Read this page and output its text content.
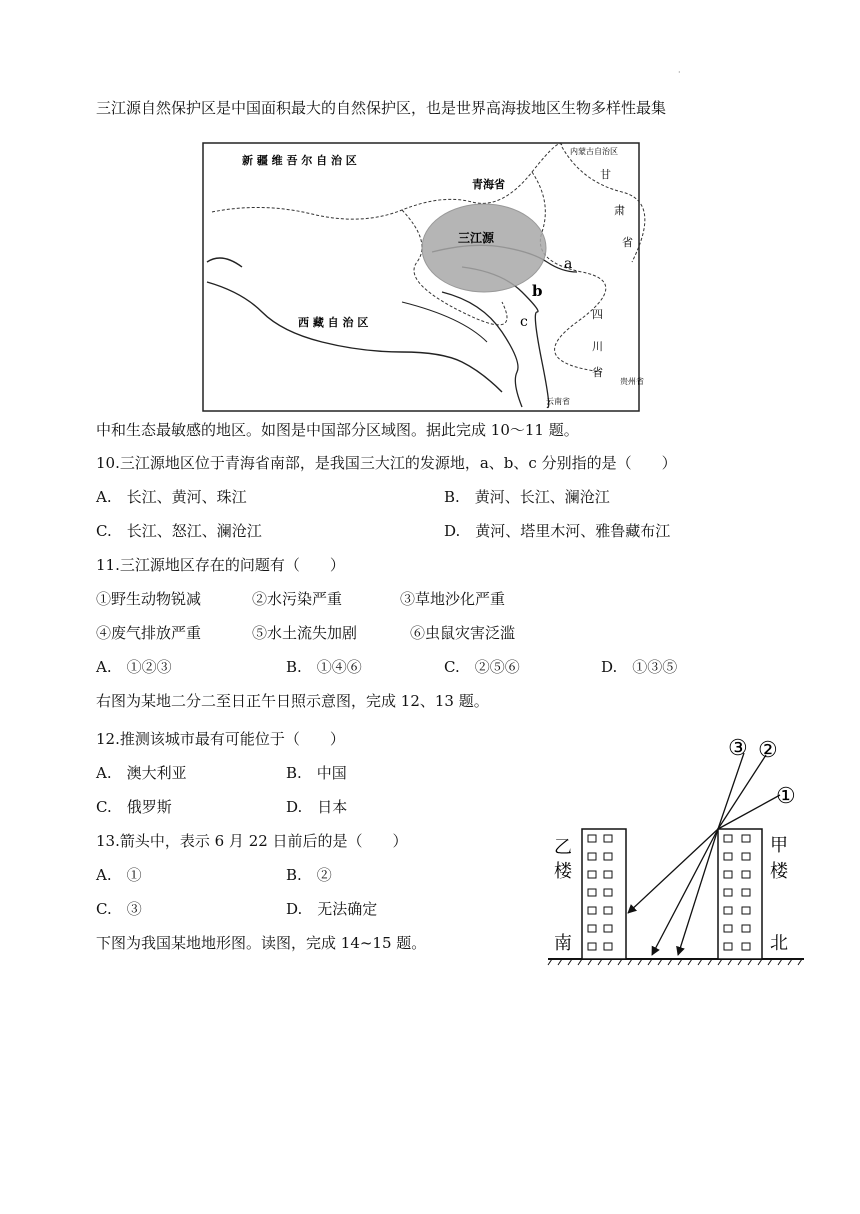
·
三江源自然保护区是中国面积最大的自然保护区，也是世界高海拔地区生物多样性最集
新 疆 维 吾 尔 自 治 区
内蒙古自治区
青海省
甘
肃
省
三江源
西 藏 自 治 区
四
川
省
贵州省
云南省
a
b
c
中和生态最敏感的地区。如图是中国部分区域图。据此完成 10～11 题。
10.三江源地区位于青海省南部，是我国三大江的发源地，a、b、c 分别指的是（　　）
A.　长江、黄河、珠江	B.　黄河、长江、澜沧江
C.　长江、怒江、澜沧江	D.　黄河、塔里木河、雅鲁藏布江
11.三江源地区存在的问题有（　　）
①野生动物锐减	②水污染严重	③草地沙化严重
④废气排放严重	⑤水土流失加剧	⑥虫鼠灾害泛滥
A.　①②③	B.　①④⑥	C.　②⑤⑥	D.　①③⑤
右图为某地二分二至日正午日照示意图，完成 12、13 题。
12.推测该城市最有可能位于（　　）
A.　澳大利亚	B.　中国
C.　俄罗斯	D.　日本
13.箭头中，表示 6 月 22 日前后的是（　　）
A.　①	B.　②
C.　③	D.　无法确定
下图为我国某地地形图。读图，完成 14~15 题。
①
②
③
乙
楼
甲
楼
南	北
